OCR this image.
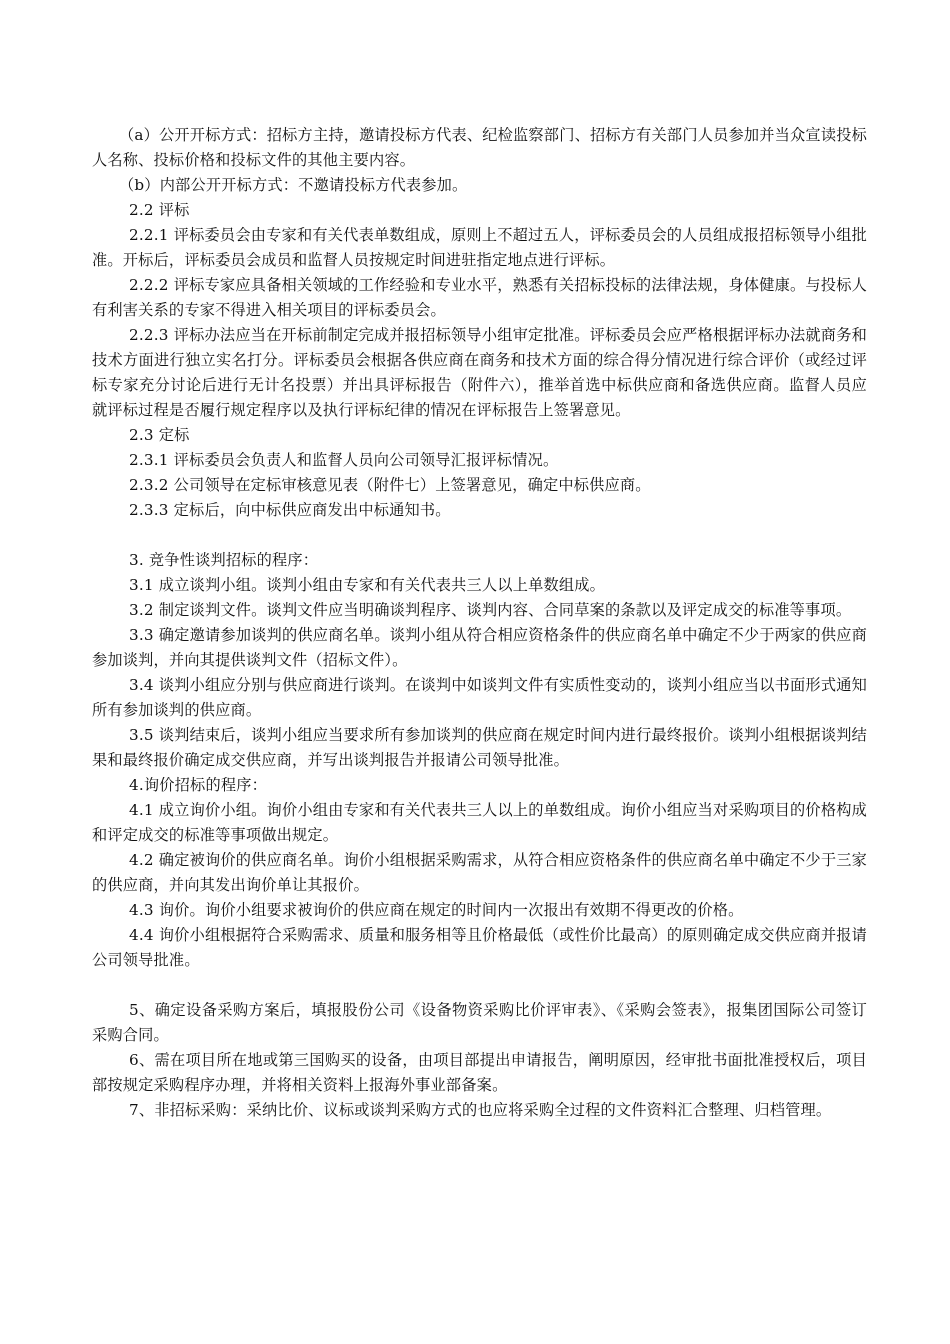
（a）公开开标方式：招标方主持，邀请投标方代表、纪检监察部门、招标方有关部门人员参加并当众宣读投标人名称、投标价格和投标文件的其他主要内容。

（b）内部公开开标方式：不邀请投标方代表参加。

2.2 评标

2.2.1 评标委员会由专家和有关代表单数组成，原则上不超过五人，评标委员会的人员组成报招标领导小组批准。开标后，评标委员会成员和监督人员按规定时间进驻指定地点进行评标。

2.2.2 评标专家应具备相关领域的工作经验和专业水平，熟悉有关招标投标的法律法规，身体健康。与投标人有利害关系的专家不得进入相关项目的评标委员会。

2.2.3 评标办法应当在开标前制定完成并报招标领导小组审定批准。评标委员会应严格根据评标办法就商务和技术方面进行独立实名打分。评标委员会根据各供应商在商务和技术方面的综合得分情况进行综合评价（或经过评标专家充分讨论后进行无计名投票）并出具评标报告（附件六），推举首选中标供应商和备选供应商。监督人员应就评标过程是否履行规定程序以及执行评标纪律的情况在评标报告上签署意见。

2.3 定标

2.3.1 评标委员会负责人和监督人员向公司领导汇报评标情况。

2.3.2 公司领导在定标审核意见表（附件七）上签署意见，确定中标供应商。

2.3.3 定标后，向中标供应商发出中标通知书。

3. 竞争性谈判招标的程序：

3.1 成立谈判小组。谈判小组由专家和有关代表共三人以上单数组成。

3.2 制定谈判文件。谈判文件应当明确谈判程序、谈判内容、合同草案的条款以及评定成交的标准等事项。

3.3 确定邀请参加谈判的供应商名单。谈判小组从符合相应资格条件的供应商名单中确定不少于两家的供应商参加谈判，并向其提供谈判文件（招标文件）。

3.4 谈判小组应分别与供应商进行谈判。在谈判中如谈判文件有实质性变动的，谈判小组应当以书面形式通知所有参加谈判的供应商。

3.5 谈判结束后，谈判小组应当要求所有参加谈判的供应商在规定时间内进行最终报价。谈判小组根据谈判结果和最终报价确定成交供应商，并写出谈判报告并报请公司领导批准。

4.询价招标的程序：

4.1 成立询价小组。询价小组由专家和有关代表共三人以上的单数组成。询价小组应当对采购项目的价格构成和评定成交的标准等事项做出规定。

4.2 确定被询价的供应商名单。询价小组根据采购需求，从符合相应资格条件的供应商名单中确定不少于三家的供应商，并向其发出询价单让其报价。

4.3 询价。询价小组要求被询价的供应商在规定的时间内一次报出有效期不得更改的价格。

4.4 询价小组根据符合采购需求、质量和服务相等且价格最低（或性价比最高）的原则确定成交供应商并报请公司领导批准。

5、确定设备采购方案后，填报股份公司《设备物资采购比价评审表》、《采购会签表》，报集团国际公司签订采购合同。

6、需在项目所在地或第三国购买的设备，由项目部提出申请报告，阐明原因，经审批书面批准授权后，项目部按规定采购程序办理，并将相关资料上报海外事业部备案。

7、非招标采购：采纳比价、议标或谈判采购方式的也应将采购全过程的文件资料汇合整理、归档管理。
